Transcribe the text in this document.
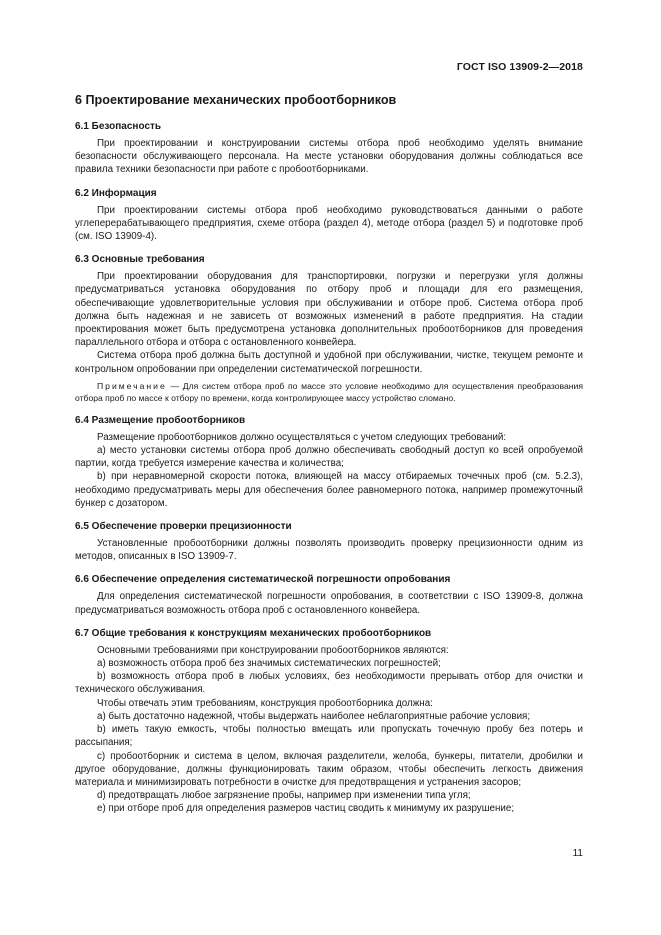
ГОСТ ISO 13909-2—2018
6 Проектирование механических пробоотборников
6.1 Безопасность

При проектировании и конструировании системы отбора проб необходимо уделять внимание безопасности обслуживающего персонала. На месте установки оборудования должны соблюдаться все правила техники безопасности при работе с пробоотборниками.

6.2 Информация

При проектировании системы отбора проб необходимо руководствоваться данными о работе углеперерабатывающего предприятия, схеме отбора (раздел 4), методе отбора (раздел 5) и подготовке проб (см. ISO 13909-4).

6.3 Основные требования

При проектировании оборудования для транспортировки, погрузки и перегрузки угля должны предусматриваться установка оборудования по отбору проб и площади для его размещения, обеспечивающие удовлетворительные условия при обслуживании и отборе проб. Система отбора проб должна быть надежная и не зависеть от возможных изменений в работе предприятия. На стадии проектирования может быть предусмотрена установка дополнительных пробоотборников для проведения параллельного отбора и отбора с остановленного конвейера.

Система отбора проб должна быть доступной и удобной при обслуживании, чистке, текущем ремонте и контрольном опробовании при определении систематической погрешности.

Примечание — Для систем отбора проб по массе это условие необходимо для осуществления преобразования отбора проб по массе к отбору по времени, когда контролирующее массу устройство сломано.

6.4 Размещение пробоотборников

Размещение пробоотборников должно осуществляться с учетом следующих требований:

a) место установки системы отбора проб должно обеспечивать свободный доступ ко всей опробуемой партии, когда требуется измерение качества и количества;

b) при неравномерной скорости потока, влияющей на массу отбираемых точечных проб (см. 5.2.3), необходимо предусматривать меры для обеспечения более равномерного потока, например промежуточный бункер с дозатором.

6.5 Обеспечение проверки прецизионности

Установленные пробоотборники должны позволять производить проверку прецизионности одним из методов, описанных в ISO 13909-7.

6.6 Обеспечение определения систематической погрешности опробования

Для определения систематической погрешности опробования, в соответствии с ISO 13909-8, должна предусматриваться возможность отбора проб с остановленного конвейера.

6.7 Общие требования к конструкциям механических пробоотборников

Основными требованиями при конструировании пробоотборников являются:

a) возможность отбора проб без значимых систематических погрешностей;

b) возможность отбора проб в любых условиях, без необходимости прерывать отбор для очистки и технического обслуживания.

Чтобы отвечать этим требованиям, конструкция пробоотборника должна:

a) быть достаточно надежной, чтобы выдержать наиболее неблагоприятные рабочие условия;

b) иметь такую емкость, чтобы полностью вмещать или пропускать точечную пробу без потерь и рассыпания;

c) пробоотборник и система в целом, включая разделители, желоба, бункеры, питатели, дробилки и другое оборудование, должны функционировать таким образом, чтобы обеспечить легкость движения материала и минимизировать потребности в очистке для предотвращения и устранения засоров;

d) предотвращать любое загрязнение пробы, например при изменении типа угля;

e) при отборе проб для определения размеров частиц сводить к минимуму их разрушение;

11
